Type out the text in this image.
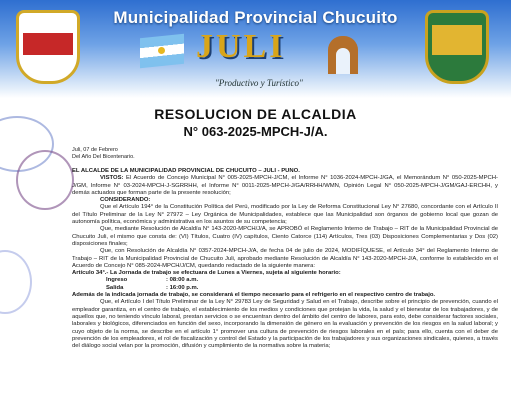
Municipalidad Provincial Chucuito
JULI
"Productivo y Turístico"
RESOLUCION DE ALCALDIA
N° 063-2025-MPCH-J/A.
Juli, 07 de Febrero
Del Año Del Bicentenario.

EL ALCALDE DE LA MUNICIPALIDAD PROVINCIAL DE CHUCUITO – JULI - PUNO.

VISTOS: El Acuerdo de Concejo Municipal N° 005-2025-MPCH-J/CM, el Informe N° 1036-2024-MPCH-J/GA, el Memorándum N° 050-2025-MPCH-J/GM, Informe N° 03-2024-MPCH-J-SGRRHH, el Informe N° 0011-2025-MPCH-J/GA/RRHH/WMN, Opinión Legal N° 050-2025-MPCH-J/GM/GAJ-ERCHH, y demás actuados que forman parte de la presente resolución;

CONSIDERANDO:

Que el Artículo 194° de la Constitución Política del Perú, modificado por la Ley de Reforma Constitucional Ley N° 27680, concordante con el Artículo II del Título Preliminar de la Ley N° 27972 – Ley Orgánica de Municipalidades, establece que las Municipalidad son órganos de gobierno local que gozan de autonomía política, económica y administrativa en los asuntos de su competencia;

Que, mediante Resolución de Alcaldía N° 143-2020-MPCH/J/A, se APROBÓ el Reglamento Interno de Trabajo – RIT de la Municipalidad Provincial de Chucuito Juli, el mismo que consta de: (VI) Títulos, Cuatro (IV) capítulos, Ciento Catorce (114) Artículos, Tres (03) Disposiciones Complementarias y Dos (02) disposiciones finales;

Que, con Resolución de Alcaldía N° 0357-2024-MPCH-J/A, de fecha 04 de julio de 2024, MODIFÍQUESE, el Artículo 34° del Reglamento Interno de Trabajo – RIT de la Municipalidad Provincial de Chucuito Juli, aprobado mediante Resolución de Alcaldía N° 143-2020-MPCH-J/A, conforme lo establecido en el Acuerdo de Concejo N° 085-2024-MPCH/J/CM, quedando redactado de la siguiente manera:

Artículo 34°.- La Jornada de trabajo se efectuara de Lunes a Viernes, sujeta al siguiente horario:

Ingreso	: 08:00 a.m.
Salida	: 16:00 p.m.

Además de la indicada jornada de trabajo, se considerará el tiempo necesario para el refrigerio en el respectivo centro de trabajo.

Que, el Artículo I del Título Preliminar de la Ley N° 29783 Ley de Seguridad y Salud en el Trabajo, describe sobre el principio de prevención, cuando el empleador garantiza, en el centro de trabajo, el establecimiento de los medios y condiciones que protejan la vida, la salud y el bienestar de los trabajadores, y de aquellos que, no teniendo vínculo laboral, prestan servicios o se encuentran dentro del ámbito del centro de labores, para esto, debe considerar factores sociales, laborales y biológicos, diferenciados en función del sexo, incorporando la dimensión de género en la evaluación y prevención de los riesgos en la salud laboral; y cuyo objeto de la norma, se describe en el artículo 1° promover una cultura de prevención de riesgos laborales en el país; para ello, cuenta con el deber de prevención de los empleadores, el rol de fiscalización y control del Estado y la participación de los trabajadores y sus organizaciones sindicales, quienes, a través del diálogo social velan por la promoción, difusión y cumplimiento de la normativa sobre la materia;
